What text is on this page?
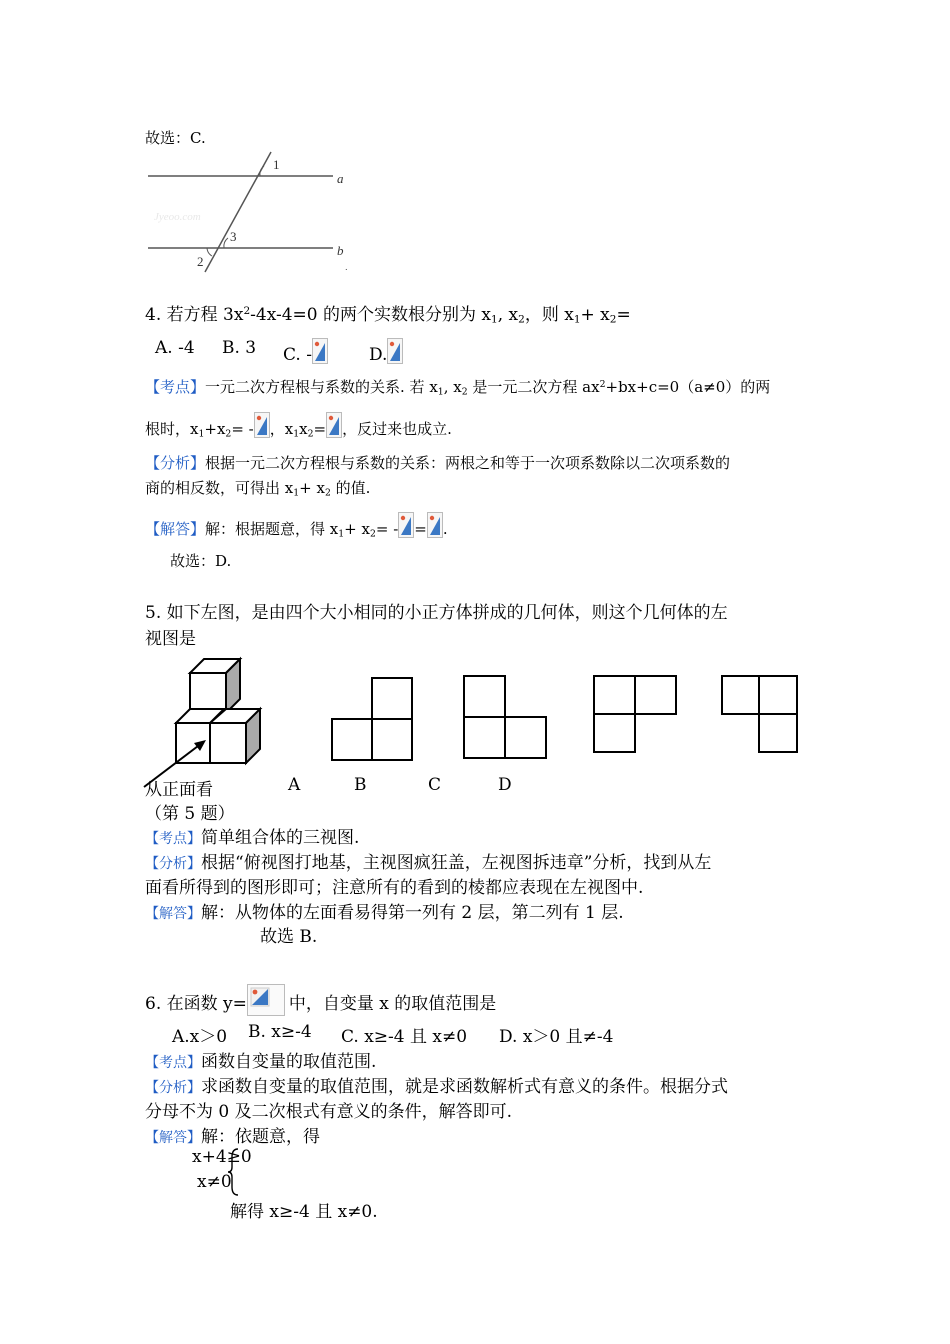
故选：C.
1
2
3
a
b
.
Jyeoo.com
4. 若方程 $3x^2-4x-4=0$ 的两个实数根分别为 $x_1$, $x_2$，则 $x_1+ x_2=$
A. -4 B. 3 C. -	D.
【考点】一元二次方程根与系数的关系. 若 $x_1$, $x_2$ 是一元二次方程 $ax^2+bx+c=0(a\ne 0)$的两
根时，$x_1+x_2=$ - ，$x_1x_2=$ ，反过来也成立.
【分析】根据一元二次方程根与系数的关系：两根之和等于一次项系数除以二次项系数的
商的相反数，可得出 $x_1+ x_2$ 的值.
【解答】解：根据题意，得 $x_1+ x_2=$ - = .
故选：D.
5. 如下左图，是由四个大小相同的小正方体拼成的几何体，则这个几何体的左
视图是
从正面看	A	B	C	D
（第 5 题）
【考点】简单组合体的三视图.
【分析】根据“俯视图打地基，主视图疯狂盖，左视图拆违章”分析，找到从左
面看所得到的图形即可；注意所有的看到的棱都应表现在左视图中.
【解答】解：从物体的左面看易得第一列有 2 层，第二列有 1 层.
故选 B.
6. 在函数 y= 中，自变量 x 的取值范围是
A.x＞0 B. x≥-4 C. x≥-4 且 x≠0 D. x＞0 且≠-4
【考点】函数自变量的取值范围.
【分析】求函数自变量的取值范围，就是求函数解析式有意义的条件。根据分式
分母不为 0 及二次根式有意义的条件，解答即可.
【解答】解：依题意，得
x+4≥0
x≠0
解得 x≥-4 且 x≠0.
